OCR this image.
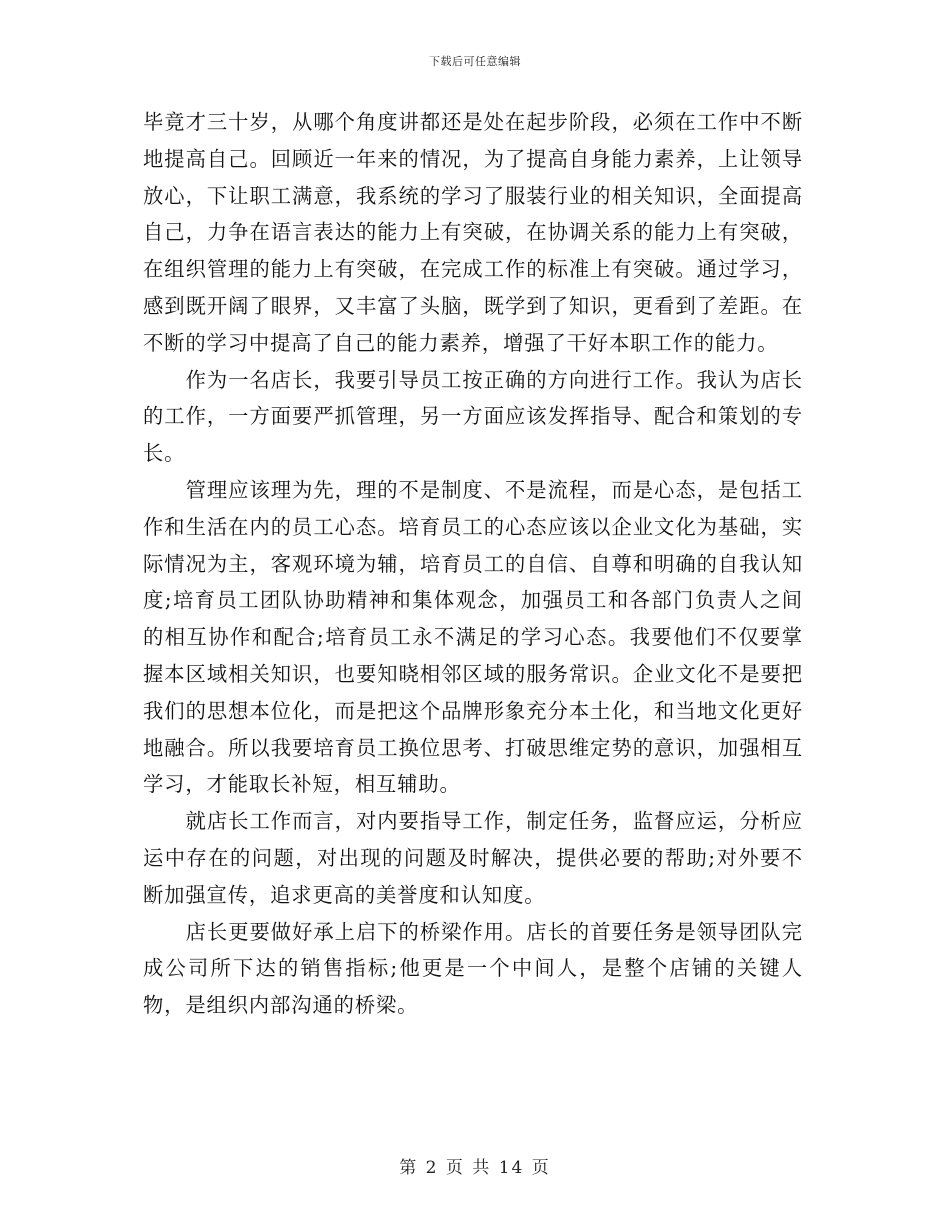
下载后可任意编辑

毕竟才三十岁，从哪个角度讲都还是处在起步阶段，必须在工作中不断地提高自己。回顾近一年来的情况，为了提高自身能力素养，上让领导放心，下让职工满意，我系统的学习了服装行业的相关知识，全面提高自己，力争在语言表达的能力上有突破，在协调关系的能力上有突破，在组织管理的能力上有突破，在完成工作的标准上有突破。通过学习，感到既开阔了眼界，又丰富了头脑，既学到了知识，更看到了差距。在不断的学习中提高了自己的能力素养，增强了干好本职工作的能力。

作为一名店长，我要引导员工按正确的方向进行工作。我认为店长的工作，一方面要严抓管理，另一方面应该发挥指导、配合和策划的专长。

管理应该理为先，理的不是制度、不是流程，而是心态，是包括工作和生活在内的员工心态。培育员工的心态应该以企业文化为基础，实际情况为主，客观环境为辅，培育员工的自信、自尊和明确的自我认知度;培育员工团队协助精神和集体观念，加强员工和各部门负责人之间的相互协作和配合;培育员工永不满足的学习心态。我要他们不仅要掌握本区域相关知识，也要知晓相邻区域的服务常识。企业文化不是要把我们的思想本位化，而是把这个品牌形象充分本土化，和当地文化更好地融合。所以我要培育员工换位思考、打破思维定势的意识，加强相互学习，才能取长补短，相互辅助。

就店长工作而言，对内要指导工作，制定任务，监督应运，分析应运中存在的问题，对出现的问题及时解决，提供必要的帮助;对外要不断加强宣传，追求更高的美誉度和认知度。

店长更要做好承上启下的桥梁作用。店长的首要任务是领导团队完成公司所下达的销售指标;他更是一个中间人，是整个店铺的关键人物，是组织内部沟通的桥梁。

第 2 页 共 14 页
